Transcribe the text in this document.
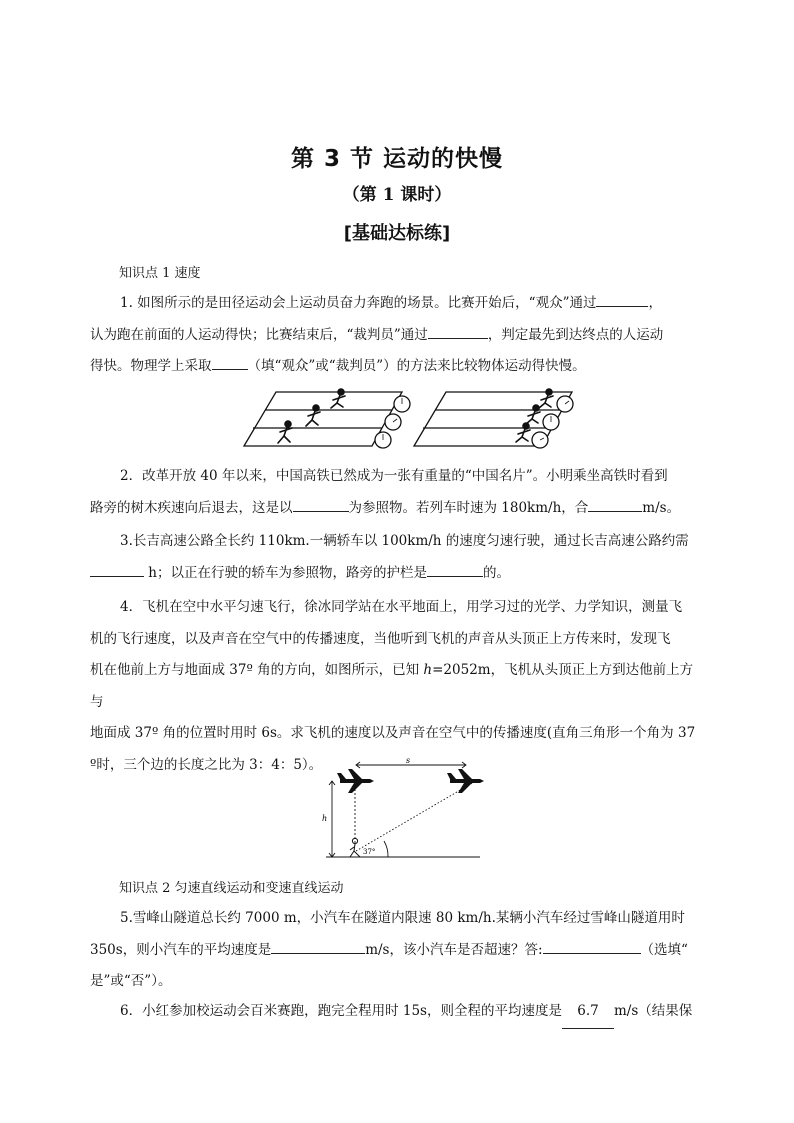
第 3 节 运动的快慢
（第 1 课时）
[基础达标练]
知识点 1 速度
1. 如图所示的是田径运动会上运动员奋力奔跑的场景。比赛开始后，“观众”通过	，
认为跑在前面的人运动得快；比赛结束后，“裁判员”通过	，判定最先到达终点的人运动
得快。物理学上采取	（填“观众”或“裁判员”）的方法来比较物体运动得快慢。
2．改革开放 40 年以来，中国高铁已然成为一张有重量的“中国名片”。小明乘坐高铁时看到
路旁的树木疾速向后退去，这是以	为参照物。若列车时速为 180km/h，合	m/s。
3.长吉高速公路全长约 110km.一辆轿车以 100km/h 的速度匀速行驶，通过长吉高速公路约需
h；以正在行驶的轿车为参照物，路旁的护栏是	的。
4．飞机在空中水平匀速飞行，徐冰同学站在水平地面上，用学习过的光学、力学知识，测量飞
机的飞行速度，以及声音在空气中的传播速度，当他听到飞机的声音从头顶正上方传来时，发现飞
机在他前上方与地面成 37º 角的方向，如图所示，已知 h=2052m，飞机从头顶正上方到达他前上方与
地面成 37º 角的位置时用时 6s。求飞机的速度以及声音在空气中的传播速度(直角三角形一个角为 37
º时，三个边的长度之比为 3：4：5）。	s
h
37°
知识点 2 匀速直线运动和变速直线运动
5.雪峰山隧道总长约 7000 m，小汽车在隧道内限速 80 km/h.某辆小汽车经过雪峰山隧道用时
350s，则小汽车的平均速度是	m/s，该小汽车是否超速？答:	（选填“
是”或“否”）。
6．小红参加校运动会百米赛跑，跑完全程用时 15s，则全程的平均速度是 6.7 m/s（结果保
